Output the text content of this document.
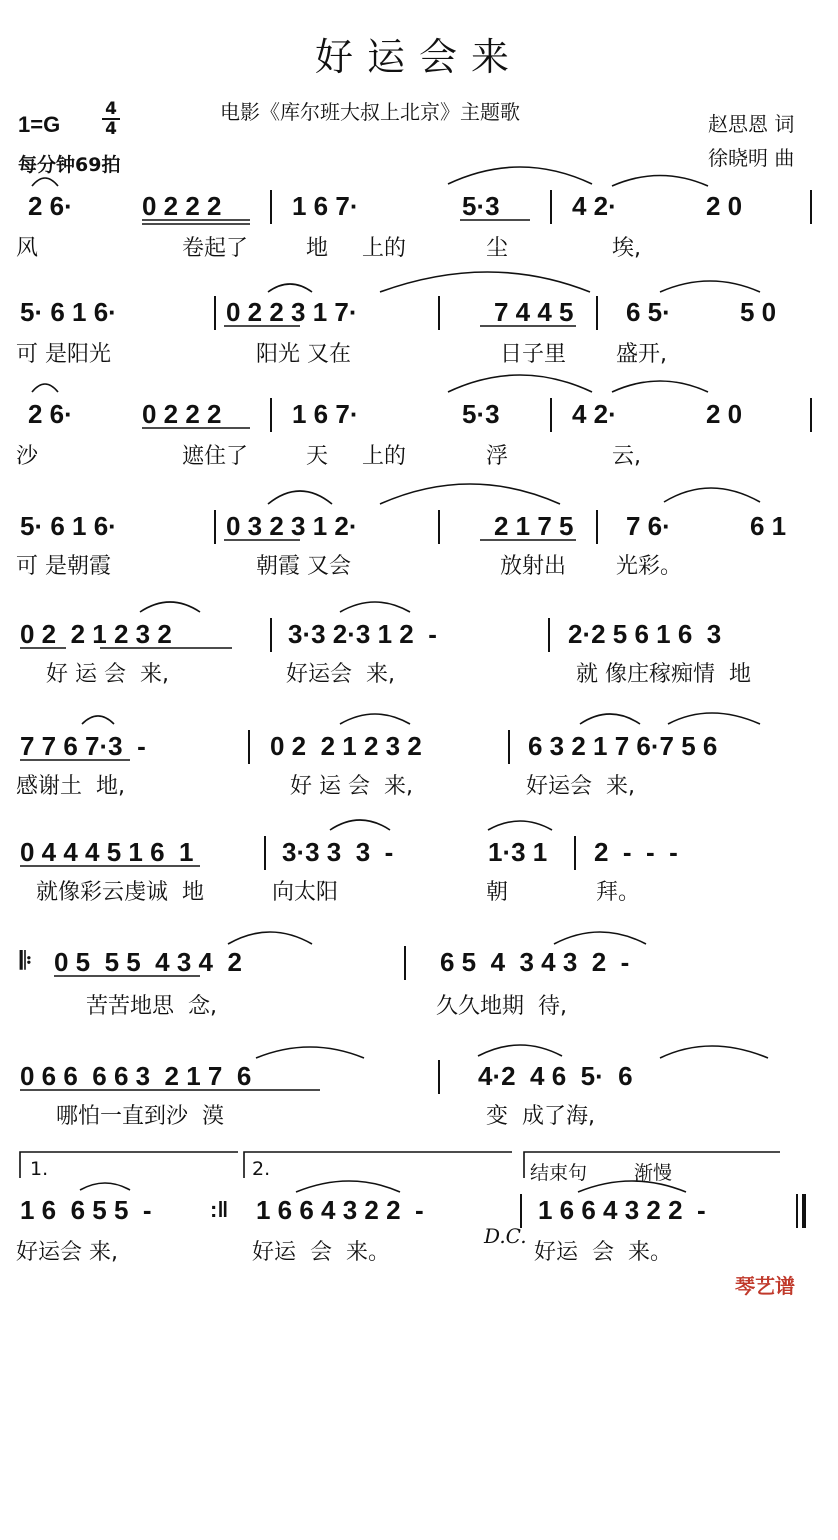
好运会来
电影《库尔班大叔上北京》主题歌	赵思恩 词
徐晓明 曲
1=G
4
4
每分钟69拍

2 6·

	0 2 2 2

	1 6 7·

	5·3

	4 2·

	2 0

风

	卷起了

	地

上的

	尘

	埃,

5· 6 1 6·

	0 2 2 3 1 7·

	7 4 4 5

6 5·

	5 0

可 是阳光

	阳光 又在

	日子里

盛开,

2 6·

	0 2 2 2

	1 6 7·

	5·3

	4 2·

	2 0

沙

	遮住了

	天

上的

	浮

	云,

5· 6 1 6·

	0 3 2 3 1 2·

	2 1 7 5

7 6·

	6 1

可 是朝霞

	朝霞 又会

	放射出

光彩。

0 2  2 1 2 3 2

	3·3 2·3 1 2  -

	2·2 5 6 1 6  3

好 运 会  来,

	好运会  来,

	就 像庄稼痴情  地

7 7 6 7·3  -

	0 2  2 1 2 3 2

	6 3 2 1 7 6·7 5 6

感谢土  地,

	好 运 会  来,

	好运会  来,

0 4 4 4 5 1 6  1

	3·3 3  3  -

	1·3 1

2  -  -  -

就像彩云虔诚  地

	向太阳

	朝

	拜。

𝄆

0 5  5 5  4 3 4  2

	6 5  4  3 4 3  2  -

苦苦地思  念,

	久久地期  待,

0 6 6  6 6 3  2 1 7  6

	4·2  4 6  5·  6

哪怕一直到沙  漠

	变  成了海,

1.	2.	结束句 渐慢

1 6  6 5 5  -

	:‖

1 6 6 4 3 2 2  -

	1 6 6 4 3 2 2  -

好运会 来,

	好运  会  来。

	好运  会  来。

D.C.
琴艺谱
